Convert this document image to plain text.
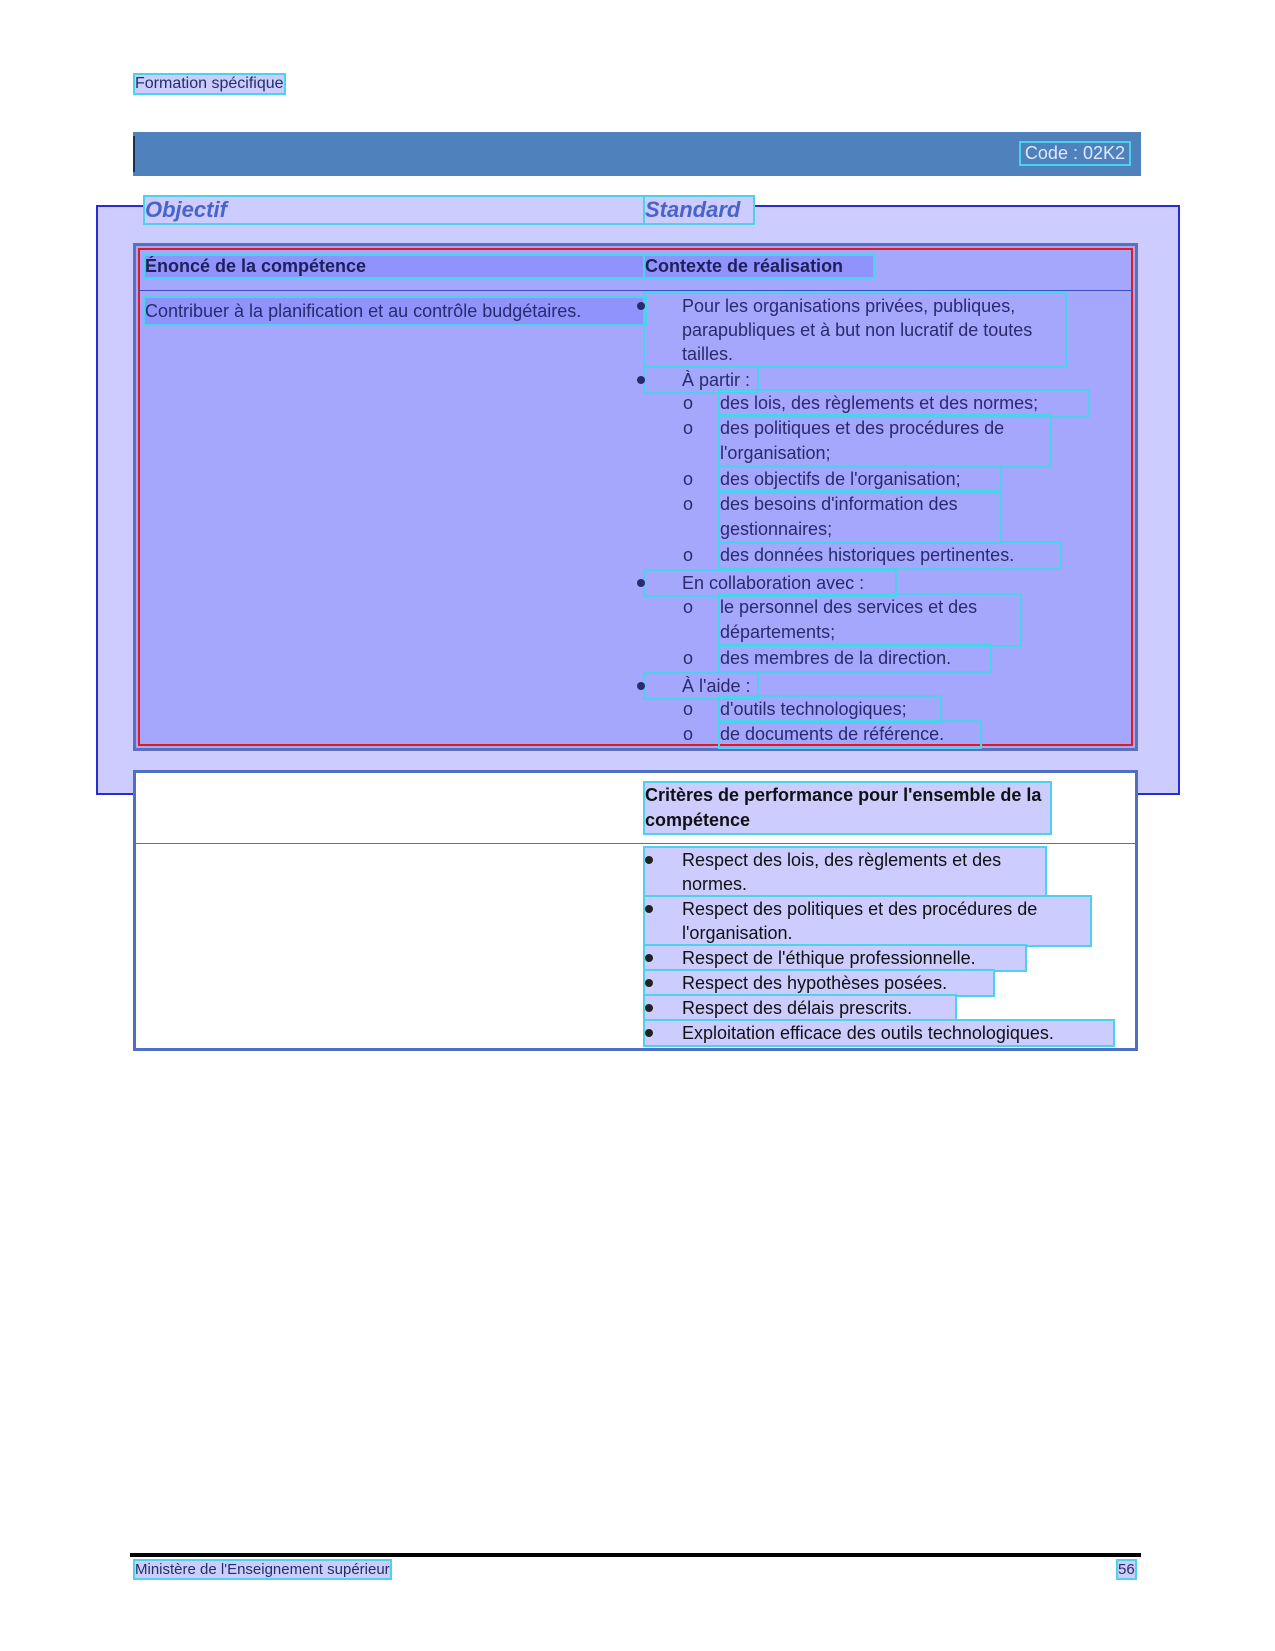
Formation spécifique
Code : 02K2
Objectif	Standard
Énoncé de la compétence	Contexte de réalisation
Contribuer à la planification et au contrôle budgétaires.	Pour les organisations privées, publiques, parapubliques et à but non lucratif de toutes tailles.
À partir :
o des lois, des règlements et des normes;
o des politiques et des procédures de l'organisation;
o des objectifs de l'organisation;
o des besoins d'information des gestionnaires;
o des données historiques pertinentes.
En collaboration avec :
o le personnel des services et des départements;
o des membres de la direction.
À l'aide :
o d'outils technologiques;
o de documents de référence.
Critères de performance pour l'ensemble de la compétence
Respect des lois, des règlements et des normes.
Respect des politiques et des procédures de l'organisation.
Respect de l'éthique professionnelle.
Respect des hypothèses posées.
Respect des délais prescrits.
Exploitation efficace des outils technologiques.
Ministère de l'Enseignement supérieur	56
